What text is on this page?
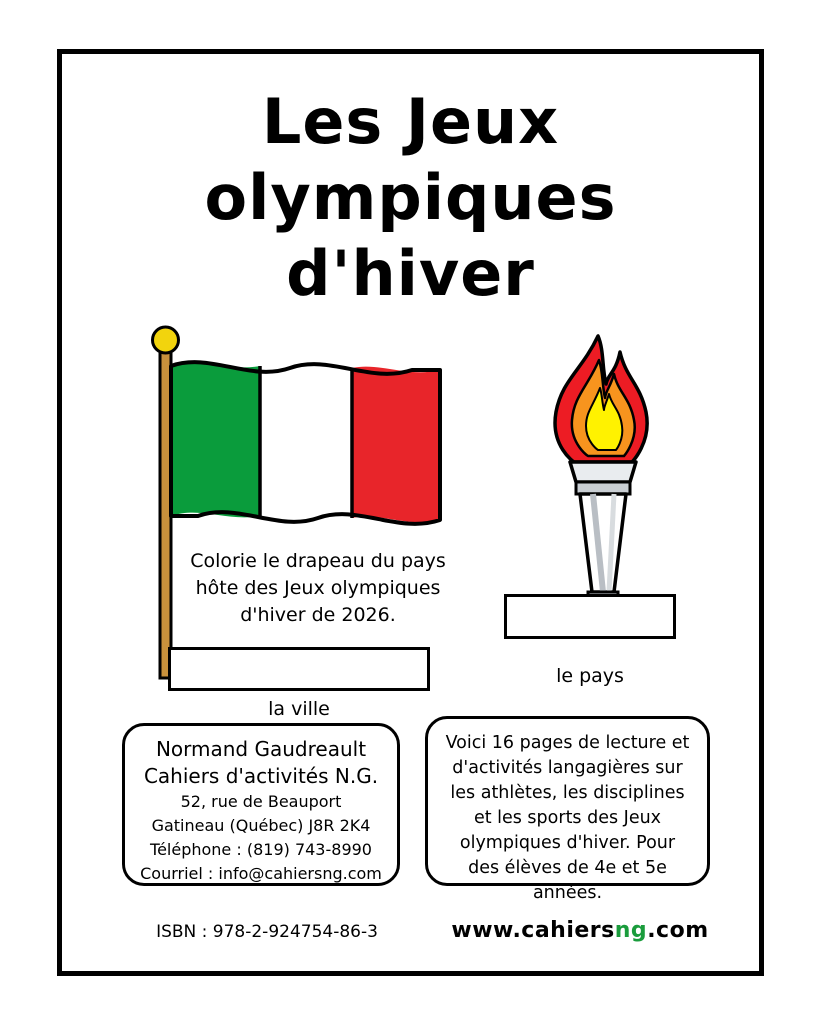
Les Jeux
olympiques
d'hiver
Colorie le drapeau du pays hôte des Jeux olympiques d'hiver de 2026.
la ville
le pays
Normand Gaudreault
Cahiers d'activités N.G.
52, rue de Beauport
Gatineau (Québec) J8R 2K4
Téléphone : (819) 743-8990
Courriel : info@cahiersng.com
Voici 16 pages de lecture et d'activités langagières sur les athlètes, les disciplines et les sports des Jeux olympiques d'hiver. Pour des élèves de 4e et 5e années.
ISBN : 978-2-924754-86-3	www.cahiersng.com
